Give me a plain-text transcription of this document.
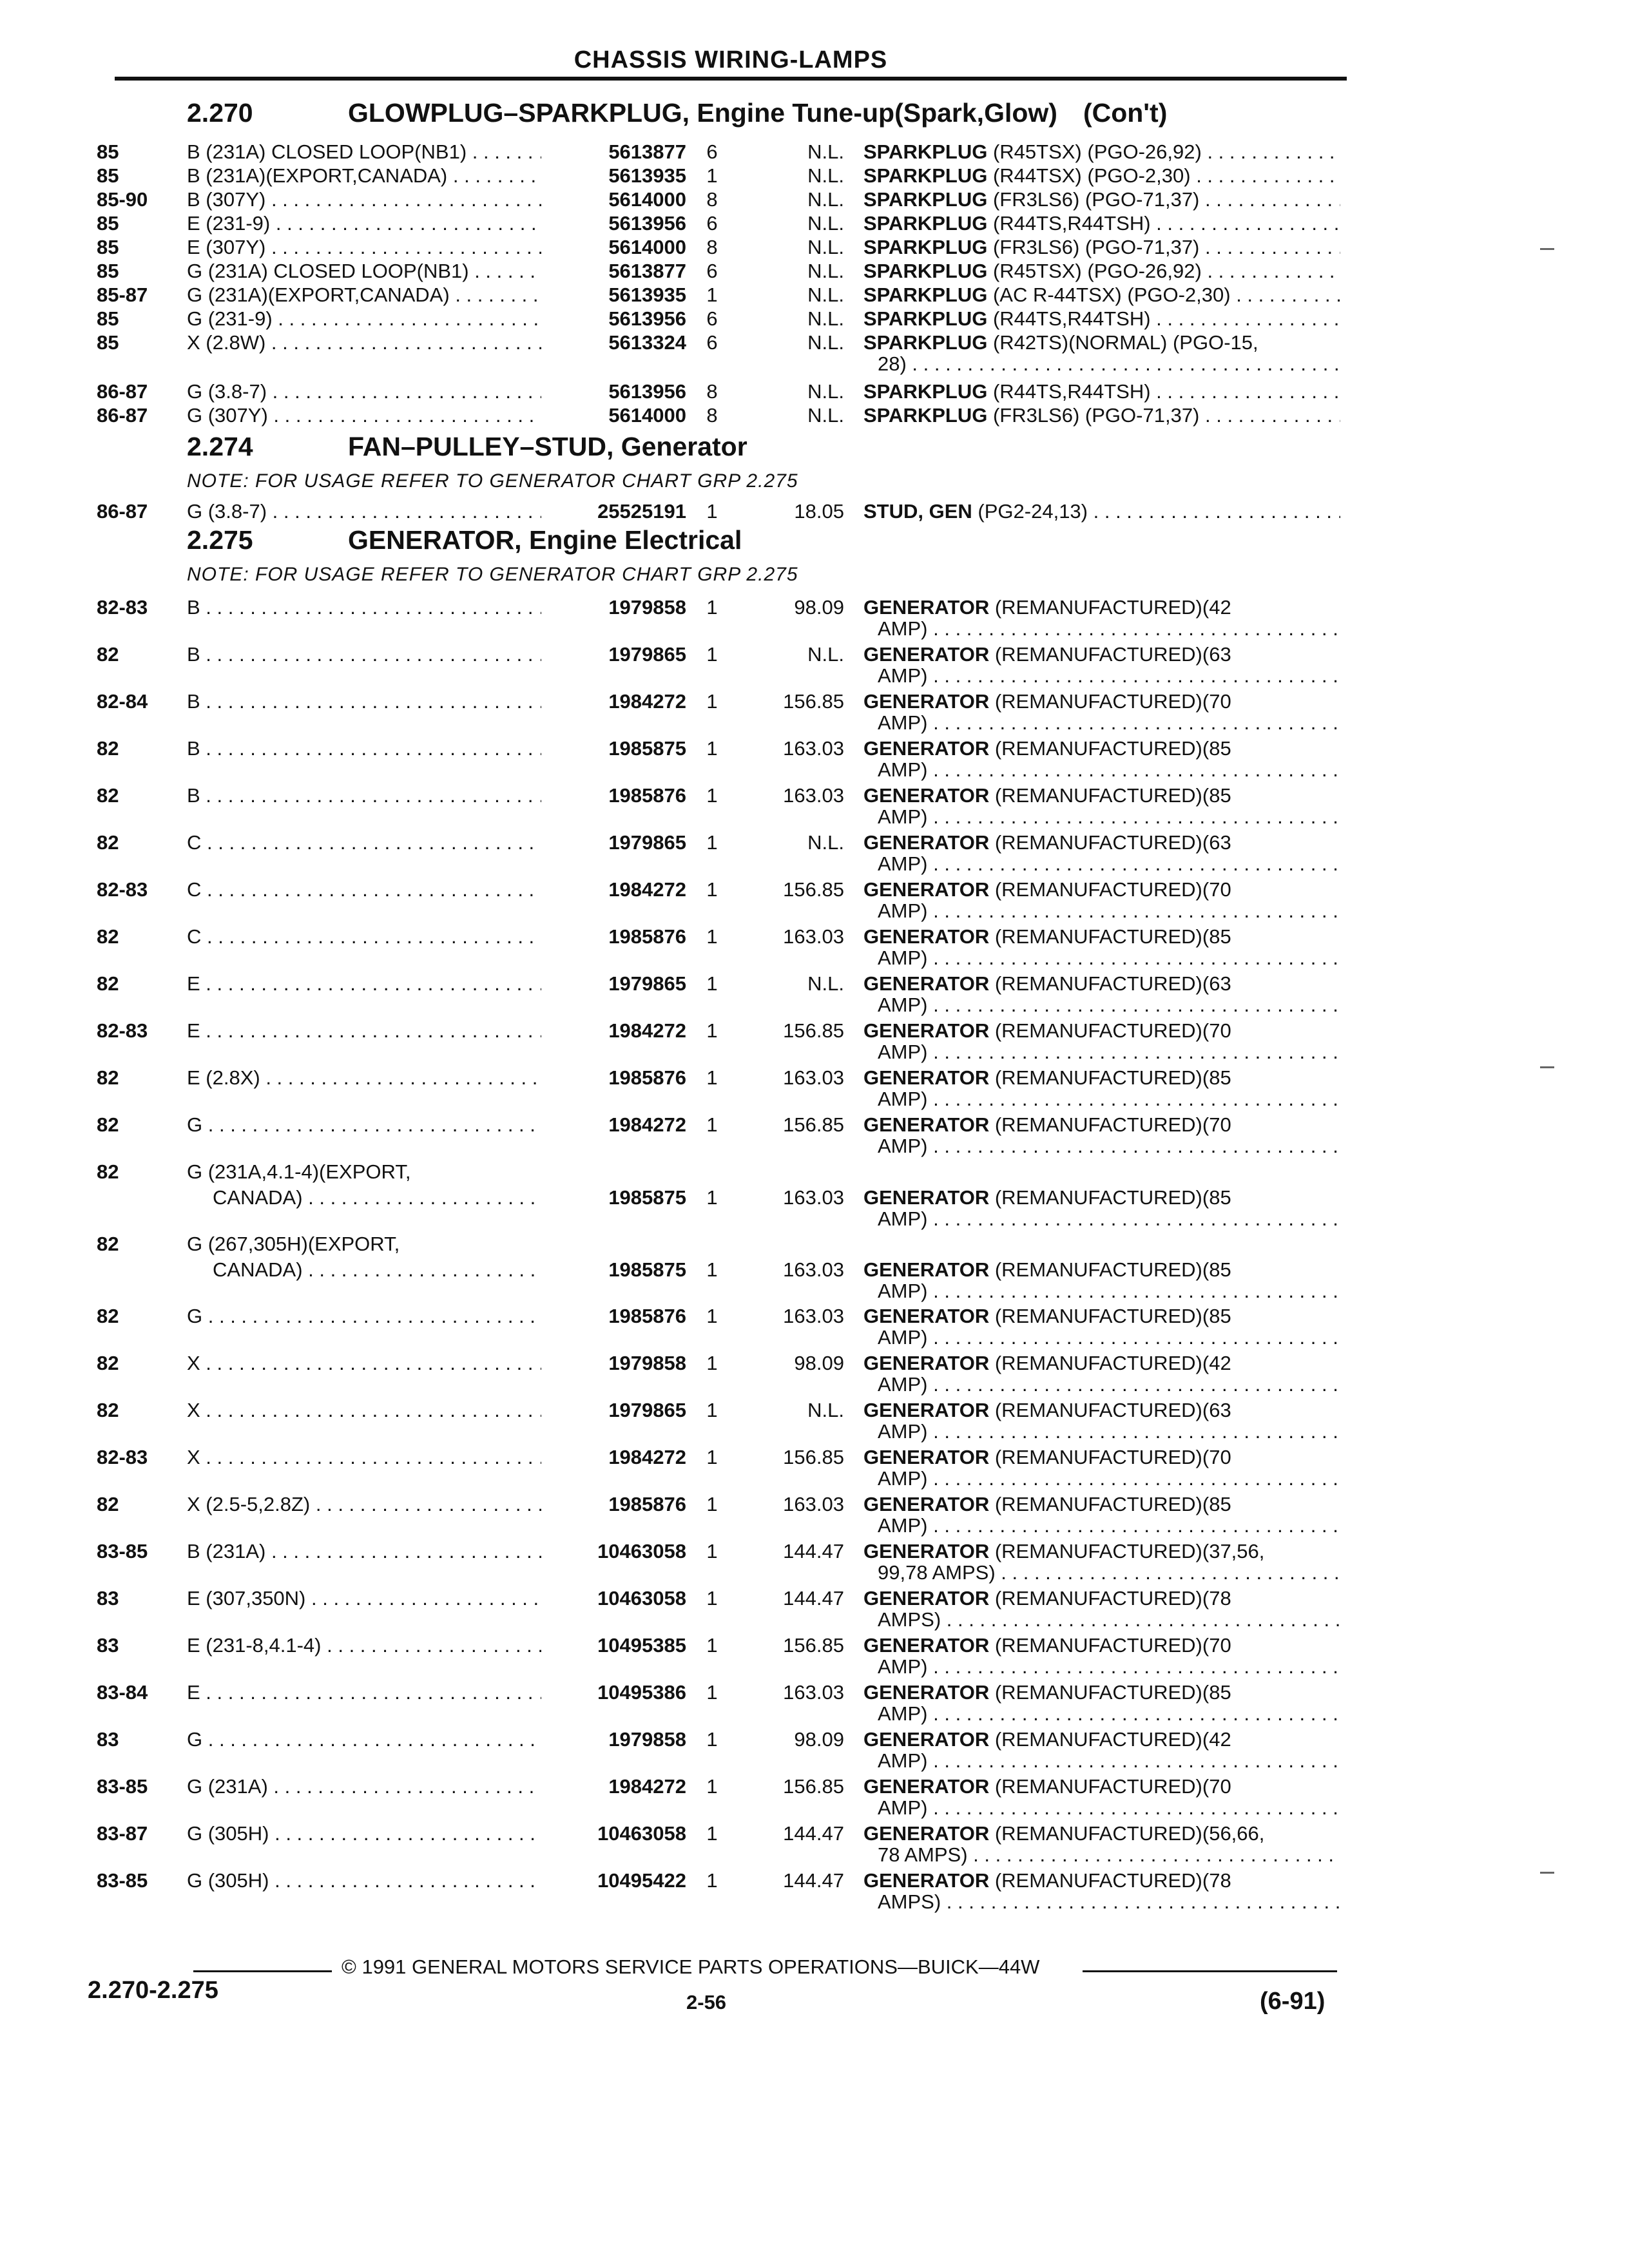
CHASSIS WIRING-LAMPS
2.270	GLOWPLUG–SPARKPLUG, Engine Tune-up(Spark,Glow) (Con't)
2.274	FAN–PULLEY–STUD, Generator
NOTE: FOR USAGE REFER TO GENERATOR CHART GRP 2.275
2.275	GENERATOR, Engine Electrical
NOTE: FOR USAGE REFER TO GENERATOR CHART GRP 2.275
85	B (231A) CLOSED LOOP(NB1) . . .	5613877	6	N.L. SPARKPLUG (R45TSX) (PGO-26,92) . . .
85	B (231A)(EXPORT,CANADA) . . .	5613935	1	N.L. SPARKPLUG (R44TSX) (PGO-2,30) . . .
85-90	B (307Y) . . .	5614000	8	N.L. SPARKPLUG (FR3LS6) (PGO-71,37) . . .
85	E (231-9) . . .	5613956	6	N.L. SPARKPLUG (R44TS,R44TSH) . . .
85	E (307Y) . . .	5614000	8	N.L. SPARKPLUG (FR3LS6) (PGO-71,37) . . .
85	G (231A) CLOSED LOOP(NB1) . . .	5613877	6	N.L. SPARKPLUG (R45TSX) (PGO-26,92) . . .
85-87	G (231A)(EXPORT,CANADA) . . .	5613935	1	N.L. SPARKPLUG (AC R-44TSX) (PGO-2,30) . . .
85	G (231-9) . . .	5613956	6	N.L. SPARKPLUG (R44TS,R44TSH) . . .
85	X (2.8W) . . .	5613324	6	N.L. SPARKPLUG (R42TS)(NORMAL) (PGO-15,
28) . . .
86-87	G (3.8-7) . . .	5613956	8	N.L. SPARKPLUG (R44TS,R44TSH) . . .
86-87	G (307Y) . . .	5614000	8	N.L. SPARKPLUG (FR3LS6) (PGO-71,37) . . .
86-87	G (3.8-7) . . .	25525191	1	18.05 STUD, GEN (PG2-24,13) . . .
82-83	B . . .	1979858	1	98.09 GENERATOR (REMANUFACTURED)(42
AMP) . . .
82	B . . .	1979865	1	N.L. GENERATOR (REMANUFACTURED)(63
AMP) . . .
82-84	B . . .	1984272	1	156.85 GENERATOR (REMANUFACTURED)(70
AMP) . . .
82	B . . .	1985875	1	163.03 GENERATOR (REMANUFACTURED)(85
AMP) . . .
82	B . . .	1985876	1	163.03 GENERATOR (REMANUFACTURED)(85
AMP) . . .
82	C . . .	1979865	1	N.L. GENERATOR (REMANUFACTURED)(63
AMP) . . .
82-83	C . . .	1984272	1	156.85 GENERATOR (REMANUFACTURED)(70
AMP) . . .
82	C . . .	1985876	1	163.03 GENERATOR (REMANUFACTURED)(85
AMP) . . .
82	E . . .	1979865	1	N.L. GENERATOR (REMANUFACTURED)(63
AMP) . . .
82-83	E . . .	1984272	1	156.85 GENERATOR (REMANUFACTURED)(70
AMP) . . .
82	E (2.8X) . . .	1985876	1	163.03 GENERATOR (REMANUFACTURED)(85
AMP) . . .
82	G . . .	1984272	1	156.85 GENERATOR (REMANUFACTURED)(70
AMP) . . .
82	G (231A,4.1-4)(EXPORT,
CANADA) . . .	1985875	1	163.03 GENERATOR (REMANUFACTURED)(85
AMP) . . .
82	G (267,305H)(EXPORT,
CANADA) . . .	1985875	1	163.03 GENERATOR (REMANUFACTURED)(85
AMP) . . .
82	G . . .	1985876	1	163.03 GENERATOR (REMANUFACTURED)(85
AMP) . . .
82	X . . .	1979858	1	98.09 GENERATOR (REMANUFACTURED)(42
AMP) . . .
82	X . . .	1979865	1	N.L. GENERATOR (REMANUFACTURED)(63
AMP) . . .
82-83	X . . .	1984272	1	156.85 GENERATOR (REMANUFACTURED)(70
AMP) . . .
82	X (2.5-5,2.8Z) . . .	1985876	1	163.03 GENERATOR (REMANUFACTURED)(85
AMP) . . .
83-85	B (231A) . . .	10463058	1	144.47 GENERATOR (REMANUFACTURED)(37,56,
99,78 AMPS) . . .
83	E (307,350N) . . .	10463058	1	144.47 GENERATOR (REMANUFACTURED)(78
AMPS) . . .
83	E (231-8,4.1-4) . . .	10495385	1	156.85 GENERATOR (REMANUFACTURED)(70
AMP) . . .
83-84	E . . .	10495386	1	163.03 GENERATOR (REMANUFACTURED)(85
AMP) . . .
83	G . . .	1979858	1	98.09 GENERATOR (REMANUFACTURED)(42
AMP) . . .
83-85	G (231A) . . .	1984272	1	156.85 GENERATOR (REMANUFACTURED)(70
AMP) . . .
83-87	G (305H) . . .	10463058	1	144.47 GENERATOR (REMANUFACTURED)(56,66,
78 AMPS) . . .
83-85	G (305H) . . .	10495422	1	144.47 GENERATOR (REMANUFACTURED)(78
AMPS) . . .
© 1991 GENERAL MOTORS SERVICE PARTS OPERATIONS—BUICK—44W
2.270-2.275	2-56	(6-91)
